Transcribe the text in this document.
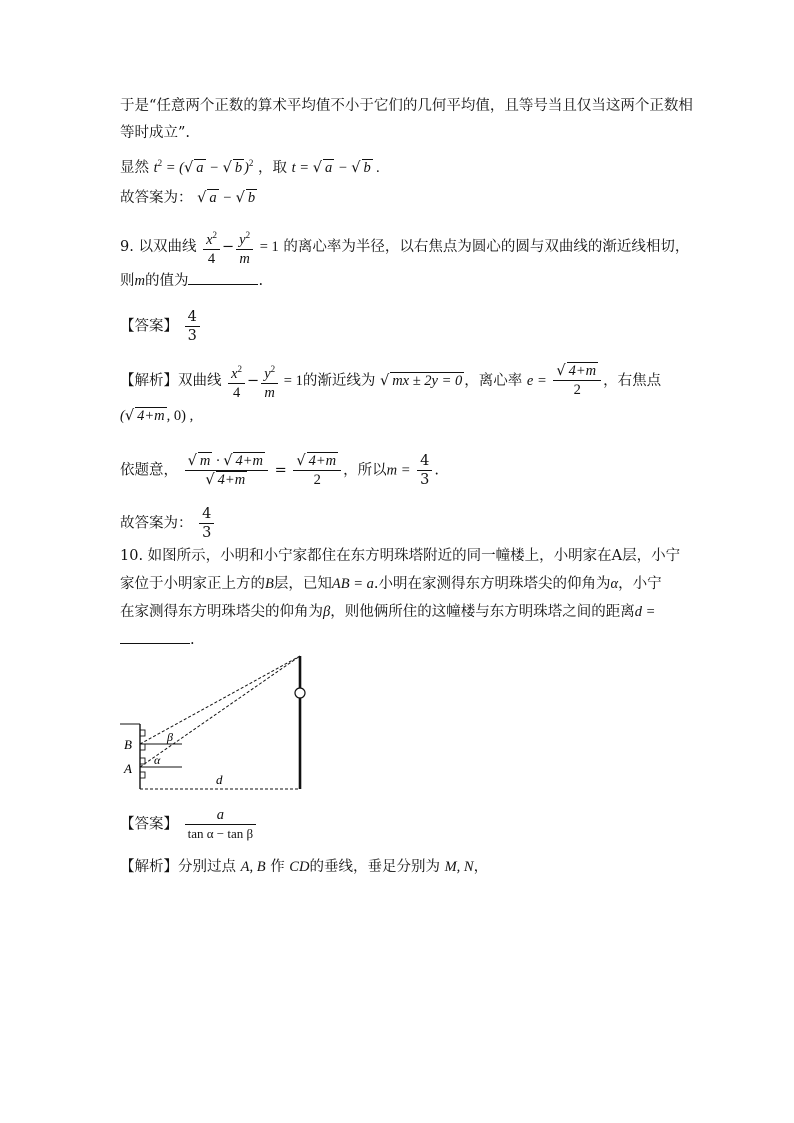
于是“任意两个正数的算术平均值不小于它们的几何平均值，且等号当且仅当这两个正数相
等时成立”.
显然 $t^2$ = (√ a − √ b )$^2$ ，取 t = √ a − √ b .
故答案为： √ a − √ b
9. 以双曲线 $\frac{x^2}{4} - \frac{y^2}{m} = 1$ 的离心率为半径，以右焦点为圆心的圆与双曲线的渐近线相切，
则m的值为	.
【答案】 $\frac{4}{3}$
【解析】双曲线 $\frac{x^2}{4} - \frac{y^2}{m} = 1$的渐近线为 √ mx ± 2y = 0 ，离心率 $e = \frac{√ 4+m}{2}$ ，右焦点
(√ 4+m , 0) ,
依题意， $\frac{√ m \cdot √ 4+m}{√ 4+m} = \frac{√ 4+m}{2}$ ，所以$m = \frac{4}{3}$ .
故答案为： $\frac{4}{3}$
10. 如图所示，小明和小宁家都住在东方明珠塔附近的同一幢楼上，小明家在A层，小宁
家位于小明家正上方的B层，已知AB = a.小明在家测得东方明珠塔尖的仰角为α，小宁
在家测得东方明珠塔尖的仰角为β，则他俩所住的这幢楼与东方明珠塔之间的距离d =
.
B
A
β
α
d
【答案】 $\frac{a}{\text{tan α − tan β}}$
【解析】分别过点 A, B 作 CD的垂线，垂足分别为 M, N，
